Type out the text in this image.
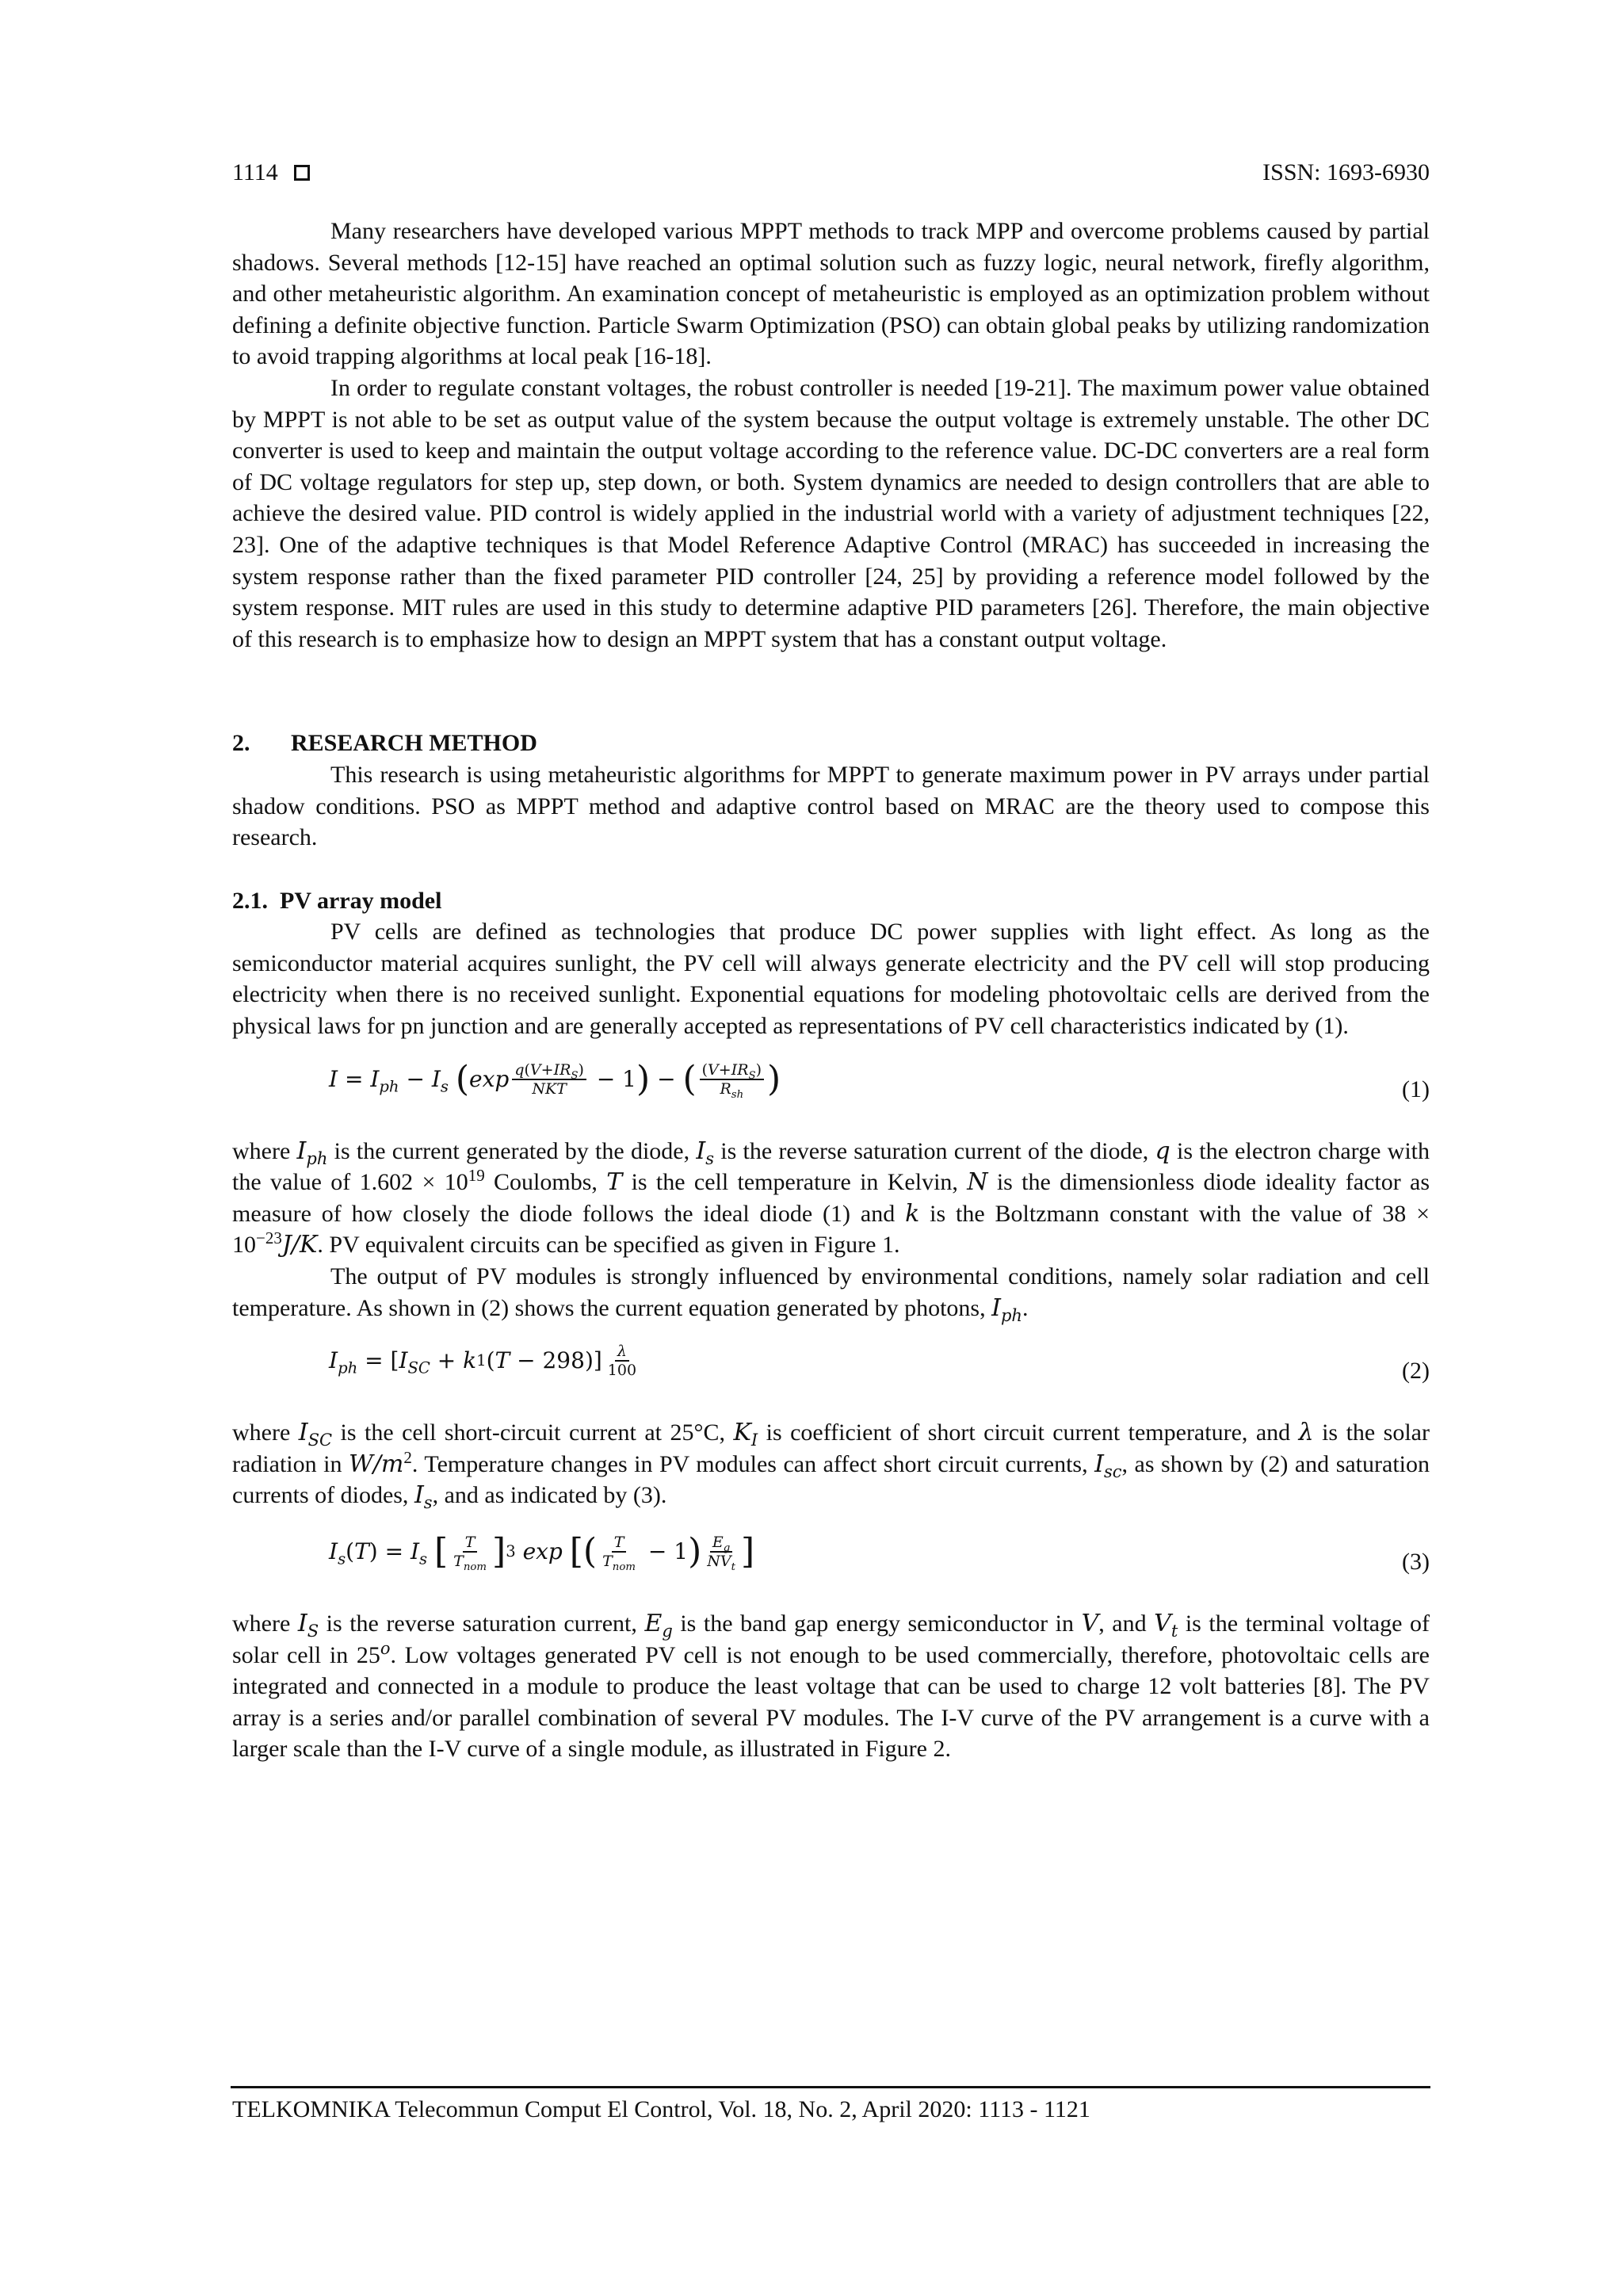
1114	ISSN: 1693-6930

Many researchers have developed various MPPT methods to track MPP and overcome problems caused by partial shadows. Several methods [12-15] have reached an optimal solution such as fuzzy logic, neural network, firefly algorithm, and other metaheuristic algorithm. An examination concept of metaheuristic is employed as an optimization problem without defining a definite objective function. Particle Swarm Optimization (PSO) can obtain global peaks by utilizing randomization to avoid trapping algorithms at local peak [16-18].

In order to regulate constant voltages, the robust controller is needed [19-21]. The maximum power value obtained by MPPT is not able to be set as output value of the system because the output voltage is extremely unstable. The other DC converter is used to keep and maintain the output voltage according to the reference value. DC-DC converters are a real form of DC voltage regulators for step up, step down, or both. System dynamics are needed to design controllers that are able to achieve the desired value. PID control is widely applied in the industrial world with a variety of adjustment techniques [22, 23]. One of the adaptive techniques is that Model Reference Adaptive Control (MRAC) has succeeded in increasing the system response rather than the fixed parameter PID controller [24, 25] by providing a reference model followed by the system response. MIT rules are used in this study to determine adaptive PID parameters [26]. Therefore, the main objective of this research is to emphasize how to design an MPPT system that has a constant output voltage.

2. RESEARCH METHOD

This research is using metaheuristic algorithms for MPPT to generate maximum power in PV arrays under partial shadow conditions. PSO as MPPT method and adaptive control based on MRAC are the theory used to compose this research.

2.1. PV array model

PV cells are defined as technologies that produce DC power supplies with light effect. As long as the semiconductor material acquires sunlight, the PV cell will always generate electricity and the PV cell will stop producing electricity when there is no received sunlight. Exponential equations for modeling photovoltaic cells are derived from the physical laws for pn junction and are generally accepted as representations of PV cell characteristics indicated by (1).

$I = I_{ph} - I_s$
( $\exp \frac{q(V+IR_S)}{\text{NKT}} - 1$ ) − ( $\frac{(V+IR_S)}{R_{sh}}$ )	(1)

where $I_{ph}$ is the current generated by the diode, $I_s$ is the reverse saturation current of the diode, q is the electron charge with the value of $1.602 \times 10^{19}$ Coulombs, T is the cell temperature in Kelvin, N is the dimensionless diode ideality factor as measure of how closely the diode follows the ideal diode (1) and k is the Boltzmann constant with the value of $38 \times 10^{-23}J/K$. PV equivalent circuits can be specified as given in Figure 1.

The output of PV modules is strongly influenced by environmental conditions, namely solar radiation and cell temperature. As shown in (2) shows the current equation generated by photons, $I_{ph}$.

$I_{ph}$ = [ $I_{SC} + k$ 1 ( $T - 298)] \frac{\lambda}{100}$	(2)

where $I_{SC}$ is the cell short-circuit current at 25°C, $K_I$ is coefficient of short circuit current temperature, and λ is the solar radiation in $W/m^2$. Temperature changes in PV modules can affect short circuit currents, $I_{sc}$, as shown by (2) and saturation currents of diodes, $I_s$, and as indicated by (3).

$I_s$ ( T ) = $I_s$
[ $\frac{T}{T_{nom}}$ ] 3
exp
[( $\frac{T}{T_{nom}} - 1$ ) $\frac{E_g}{NV_t}$ ]	(3)

where $I_S$ is the reverse saturation current, $E_g$ is the band gap energy semiconductor in V, and $V_t$ is the terminal voltage of solar cell in 25$^o$. Low voltages generated PV cell is not enough to be used commercially, therefore, photovoltaic cells are integrated and connected in a module to produce the least voltage that can be used to charge 12 volt batteries [8]. The PV array is a series and/or parallel combination of several PV modules. The I-V curve of the PV arrangement is a curve with a larger scale than the I-V curve of a single module, as illustrated in Figure 2.

TELKOMNIKA Telecommun Comput El Control, Vol. 18, No. 2, April 2020: 1113 - 1121
